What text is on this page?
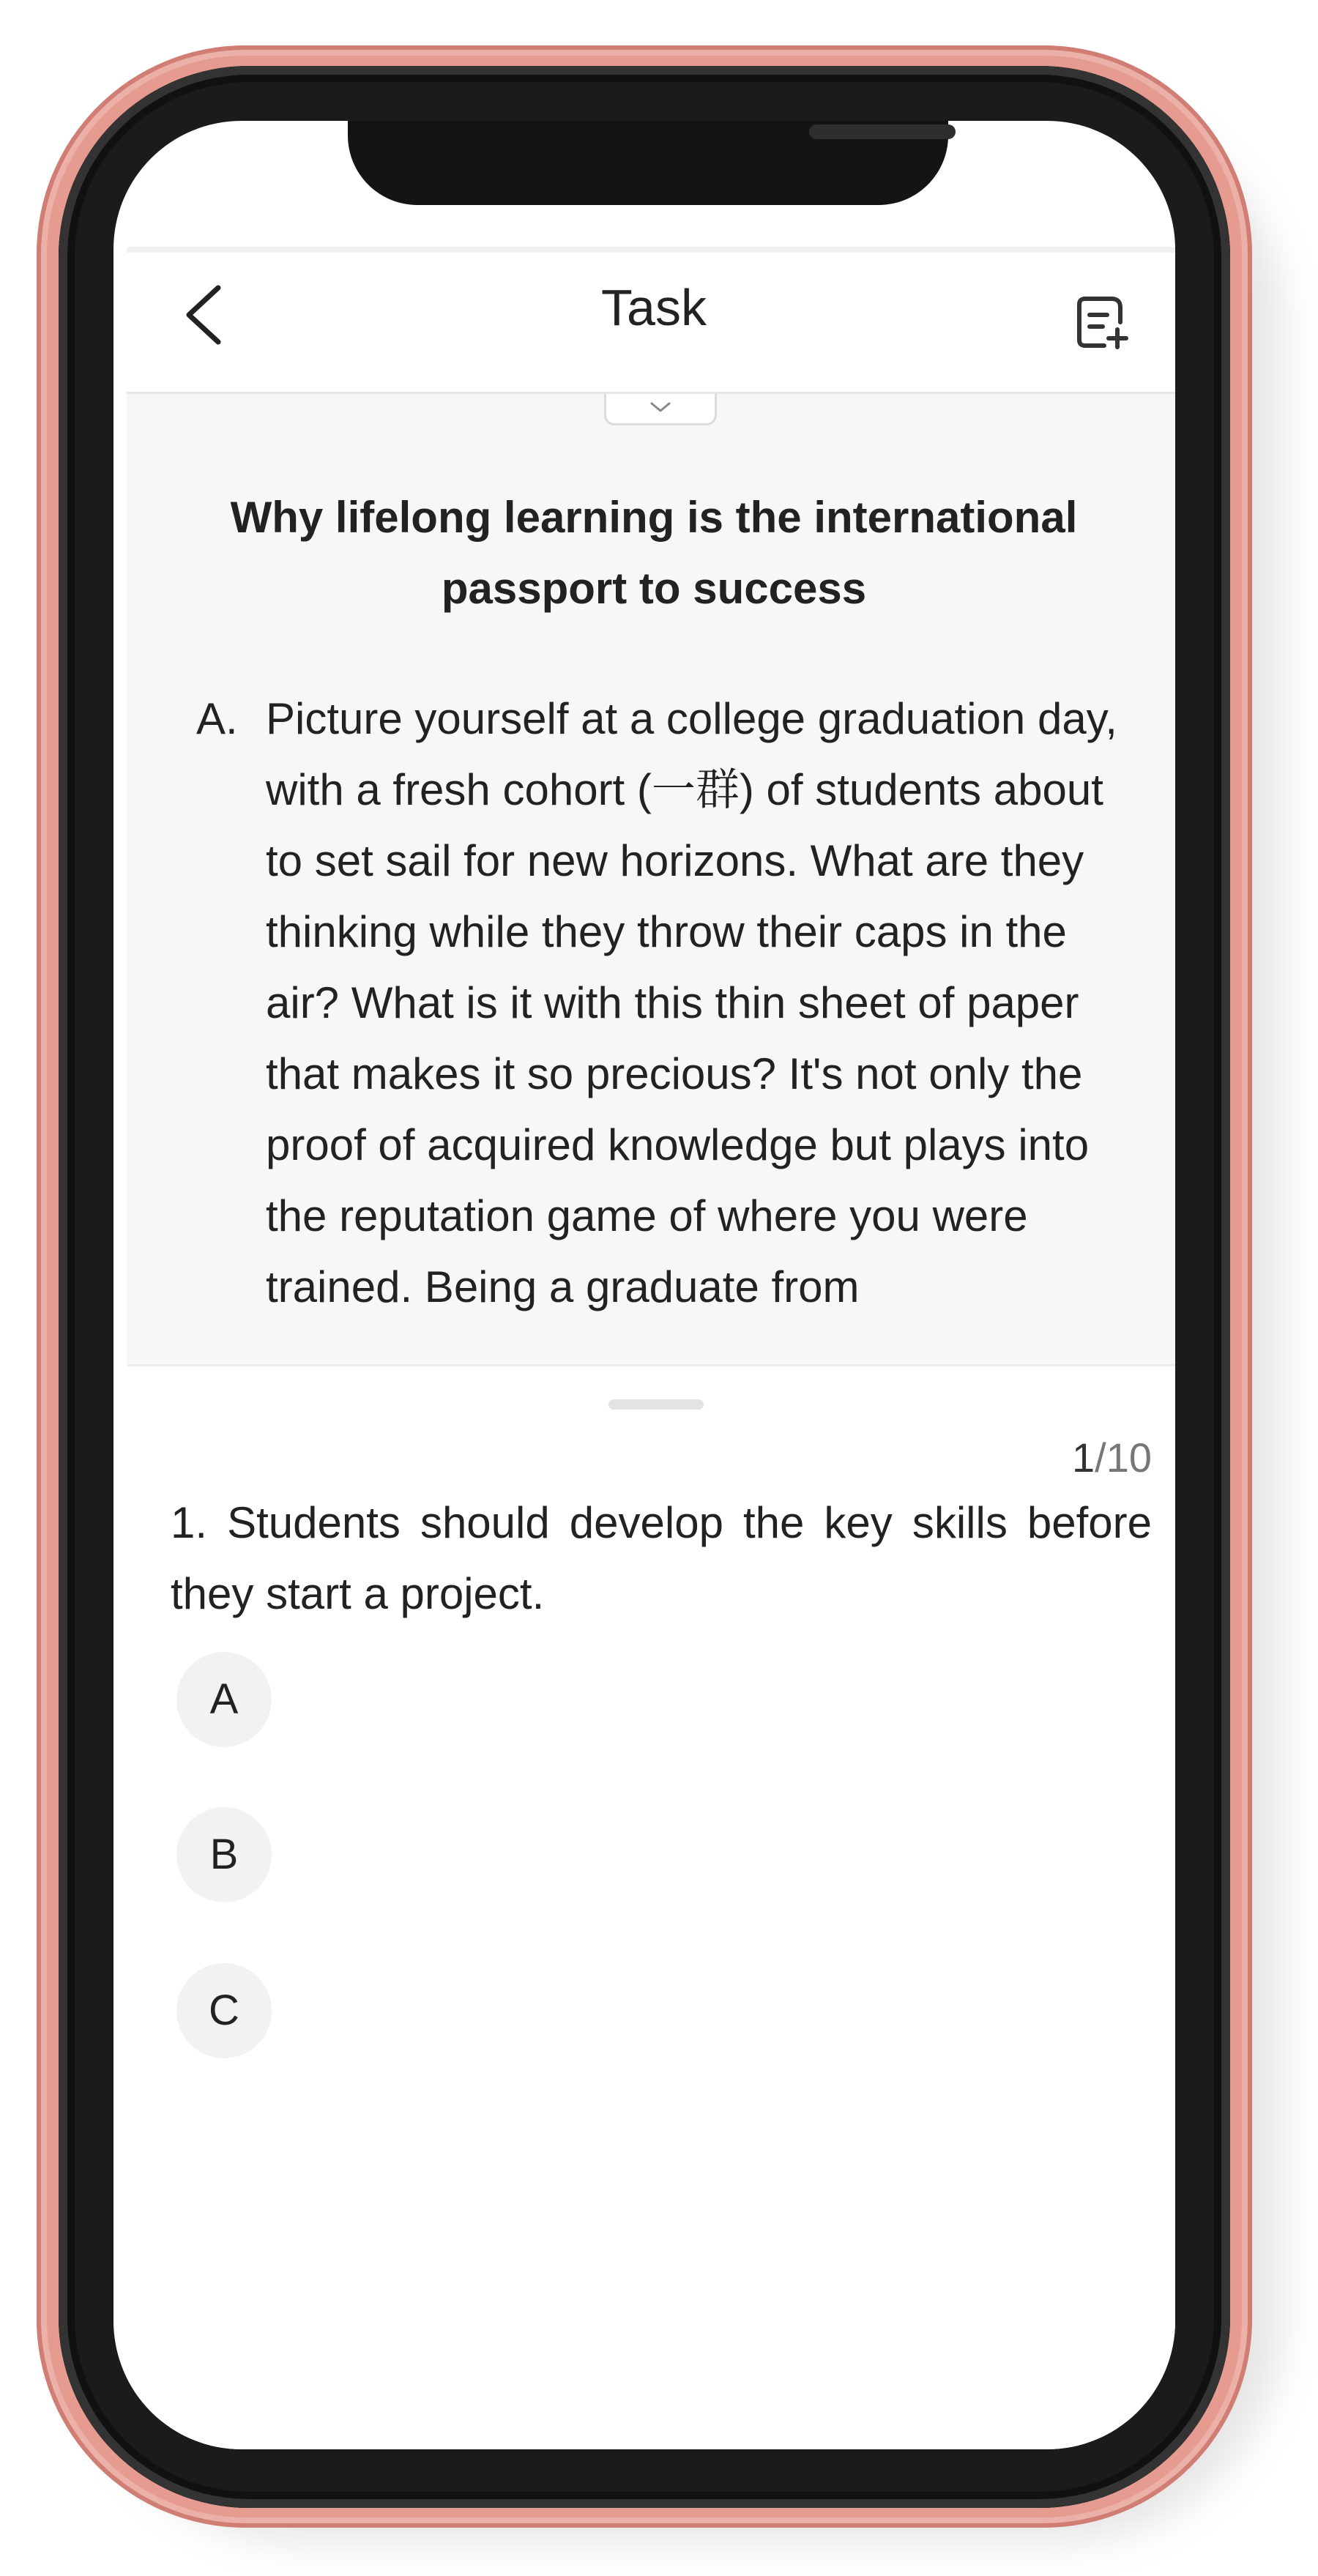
Task
Why lifelong learning is the international passport to success
A. Picture yourself at a college graduation day, with a fresh cohort (一群) of students about to set sail for new horizons. What are they thinking while they throw their caps in the air? What is it with this thin sheet of paper that makes it so precious? It's not only the proof of acquired knowledge but plays into the reputation game of where you were trained. Being a graduate from
1/10
1. Students should develop the key skills before they start a project.
A
B
C
